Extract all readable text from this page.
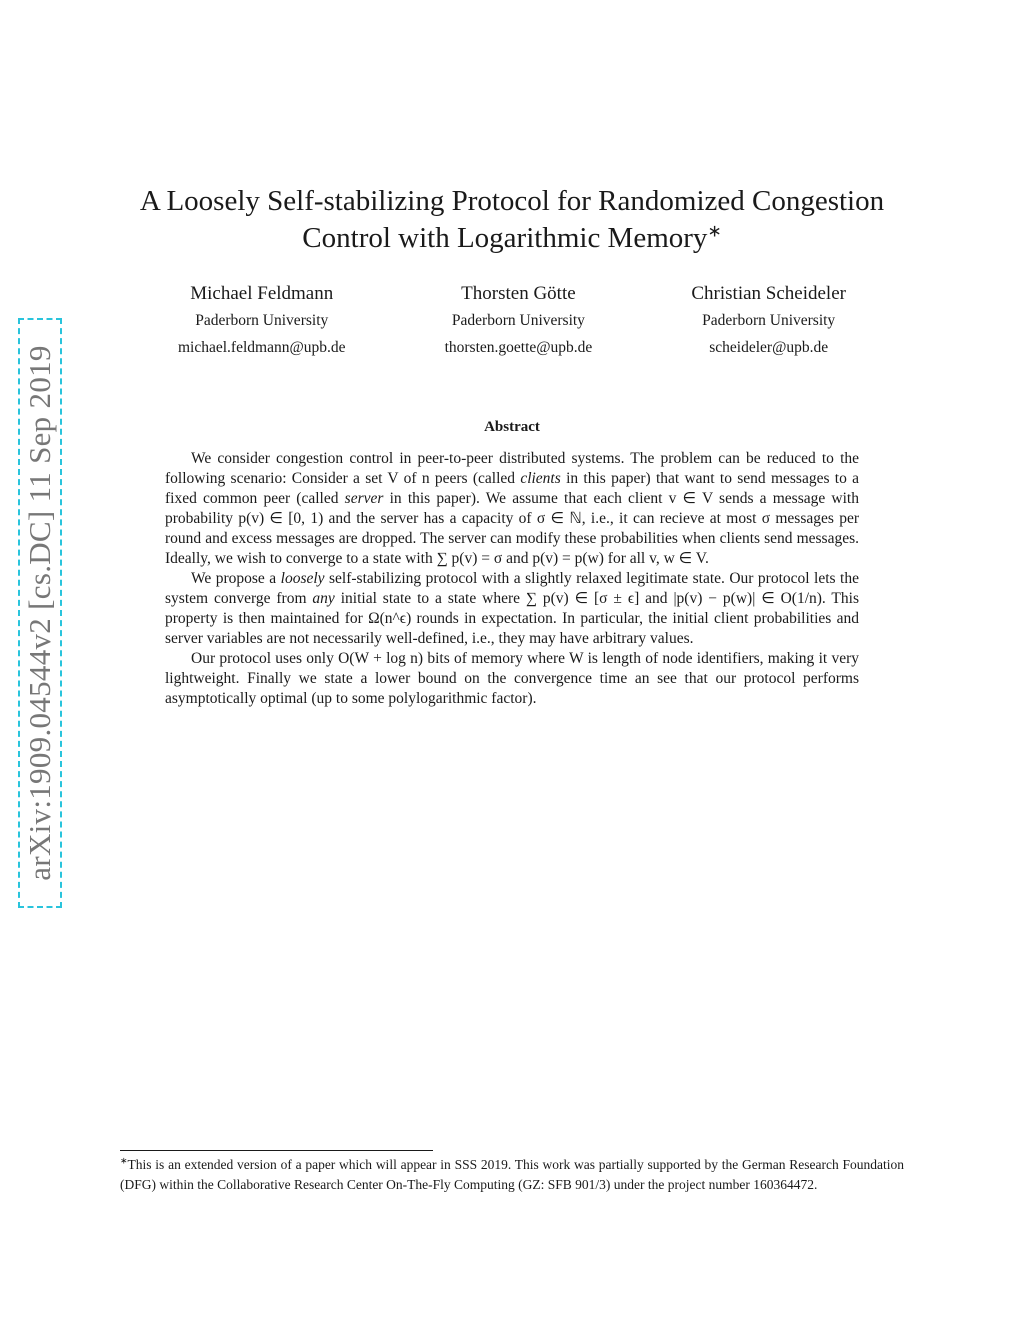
arXiv:1909.04544v2 [cs.DC] 11 Sep 2019
A Loosely Self-stabilizing Protocol for Randomized Congestion
Control with Logarithmic Memory∗
Michael Feldmann
Paderborn University
michael.feldmann@upb.de
Thorsten Götte
Paderborn University
thorsten.goette@upb.de
Christian Scheideler
Paderborn University
scheideler@upb.de
Abstract

We consider congestion control in peer-to-peer distributed systems. The problem can be reduced to the following scenario: Consider a set V of n peers (called clients in this paper) that want to send messages to a fixed common peer (called server in this paper). We assume that each client v ∈ V sends a message with probability p(v) ∈ [0, 1) and the server has a capacity of σ ∈ ℕ, i.e., it can recieve at most σ messages per round and excess messages are dropped. The server can modify these probabilities when clients send messages. Ideally, we wish to converge to a state with ∑ p(v) = σ and p(v) = p(w) for all v, w ∈ V.

We propose a loosely self-stabilizing protocol with a slightly relaxed legitimate state. Our protocol lets the system converge from any initial state to a state where ∑ p(v) ∈ [σ ± ϵ] and |p(v) − p(w)| ∈ O(1/n). This property is then maintained for Ω(n^ϵ) rounds in expectation. In particular, the initial client probabilities and server variables are not necessarily well-defined, i.e., they may have arbitrary values.

Our protocol uses only O(W + log n) bits of memory where W is length of node identifiers, making it very lightweight. Finally we state a lower bound on the convergence time an see that our protocol performs asymptotically optimal (up to some polylogarithmic factor).

∗This is an extended version of a paper which will appear in SSS 2019. This work was partially supported by the German Research Foundation (DFG) within the Collaborative Research Center On-The-Fly Computing (GZ: SFB 901/3) under the project number 160364472.
